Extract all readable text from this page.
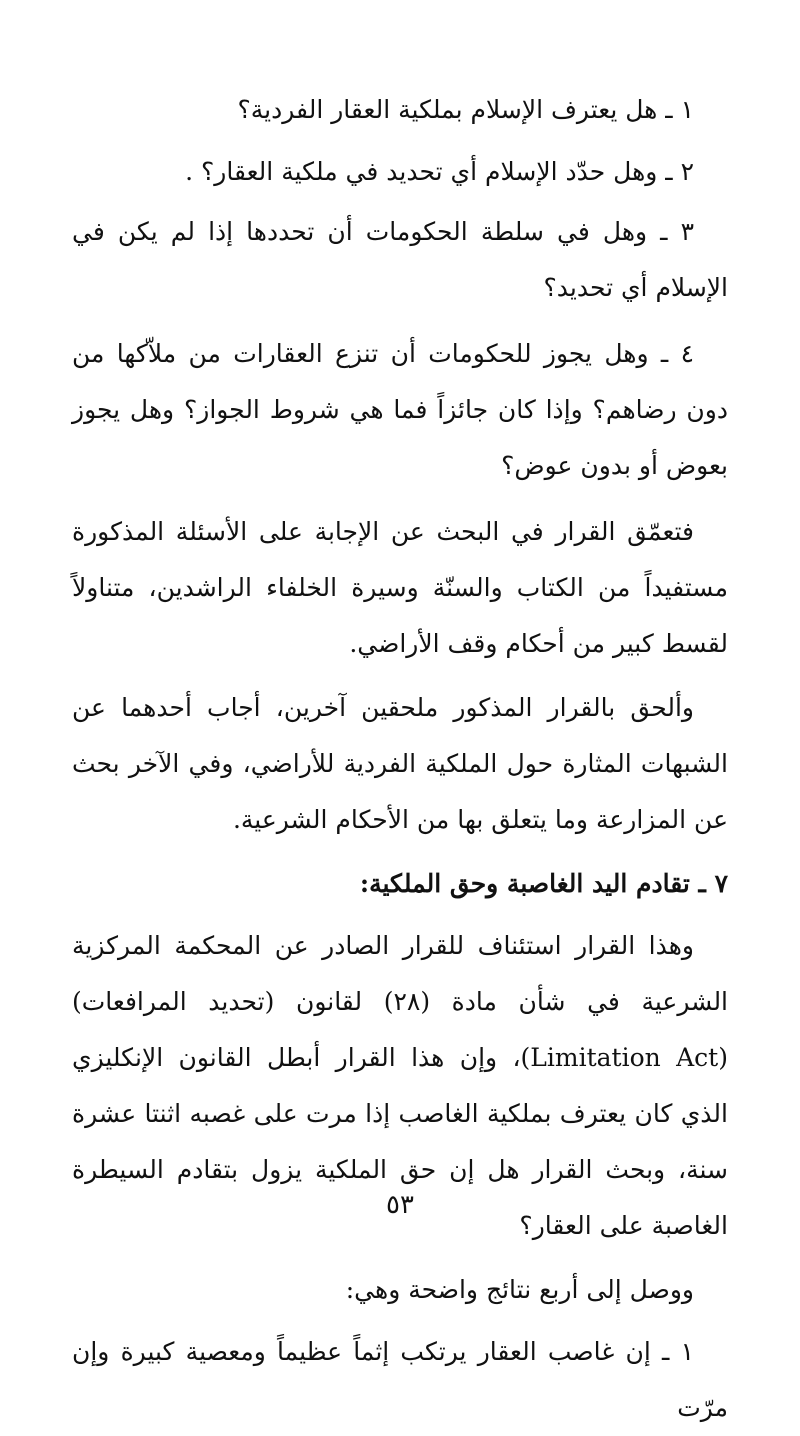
١ ـ هل يعترف الإسلام بملكية العقار الفردية؟

٢ ـ وهل حدّد الإسلام أي تحديد في ملكية العقار؟ .

٣ ـ وهل في سلطة الحكومات أن تحددها إذا لم يكن في الإسلام أي تحديد؟

٤ ـ وهل يجوز للحكومات أن تنزع العقارات من ملاّكها من دون رضاهم؟ وإذا كان جائزاً فما هي شروط الجواز؟ وهل يجوز بعوض أو بدون عوض؟

فتعمّق القرار في البحث عن الإجابة على الأسئلة المذكورة مستفيداً من الكتاب والسنّة وسيرة الخلفاء الراشدين، متناولاً لقسط كبير من أحكام وقف الأراضي.

وألحق بالقرار المذكور ملحقين آخرين، أجاب أحدهما عن الشبهات المثارة حول الملكية الفردية للأراضي، وفي الآخر بحث عن المزارعة وما يتعلق بها من الأحكام الشرعية.

٧ ـ تقادم اليد الغاصبة وحق الملكية:

وهذا القرار استئناف للقرار الصادر عن المحكمة المركزية الشرعية في شأن مادة (٢٨) لقانون (تحديد المرافعات) (Limitation Act)، وإن هذا القرار أبطل القانون الإنكليزي الذي كان يعترف بملكية الغاصب إذا مرت على غصبه اثنتا عشرة سنة، وبحث القرار هل إن حق الملكية يزول بتقادم السيطرة الغاصبة على العقار؟

ووصل إلى أربع نتائج واضحة وهي:

١ ـ إن غاصب العقار يرتكب إثماً عظيماً ومعصية كبيرة وإن مرّت

٥٣
